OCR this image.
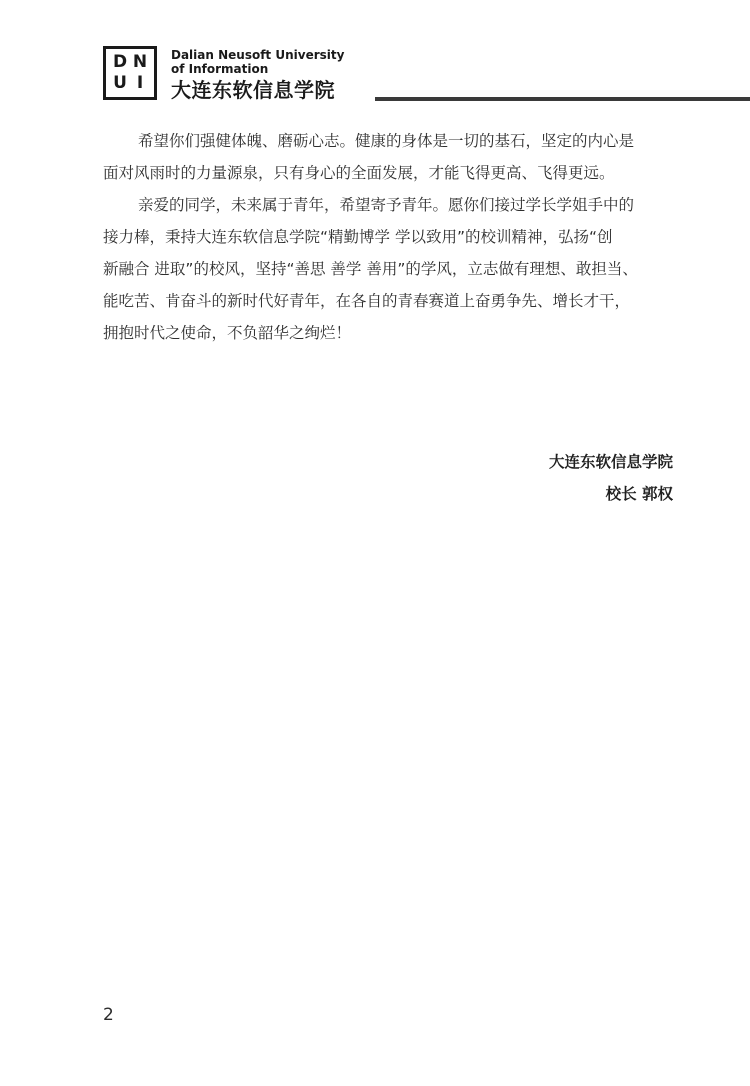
D N
U I
Dalian Neusoft University
of Information
大连东软信息学院

希望你们强健体魄、磨砺心志。健康的身体是一切的基石，坚定的内心是
面对风雨时的力量源泉，只有身心的全面发展，才能飞得更高、飞得更远。

亲爱的同学，未来属于青年，希望寄予青年。愿你们接过学长学姐手中的
接力棒，秉持大连东软信息学院“精勤博学 学以致用”的校训精神，弘扬“创
新融合 进取”的校风，坚持“善思 善学 善用”的学风，立志做有理想、敢担当、
能吃苦、肯奋斗的新时代好青年，在各自的青春赛道上奋勇争先、增长才干，
拥抱时代之使命，不负韶华之绚烂！

大连东软信息学院
校长 郭权
2
